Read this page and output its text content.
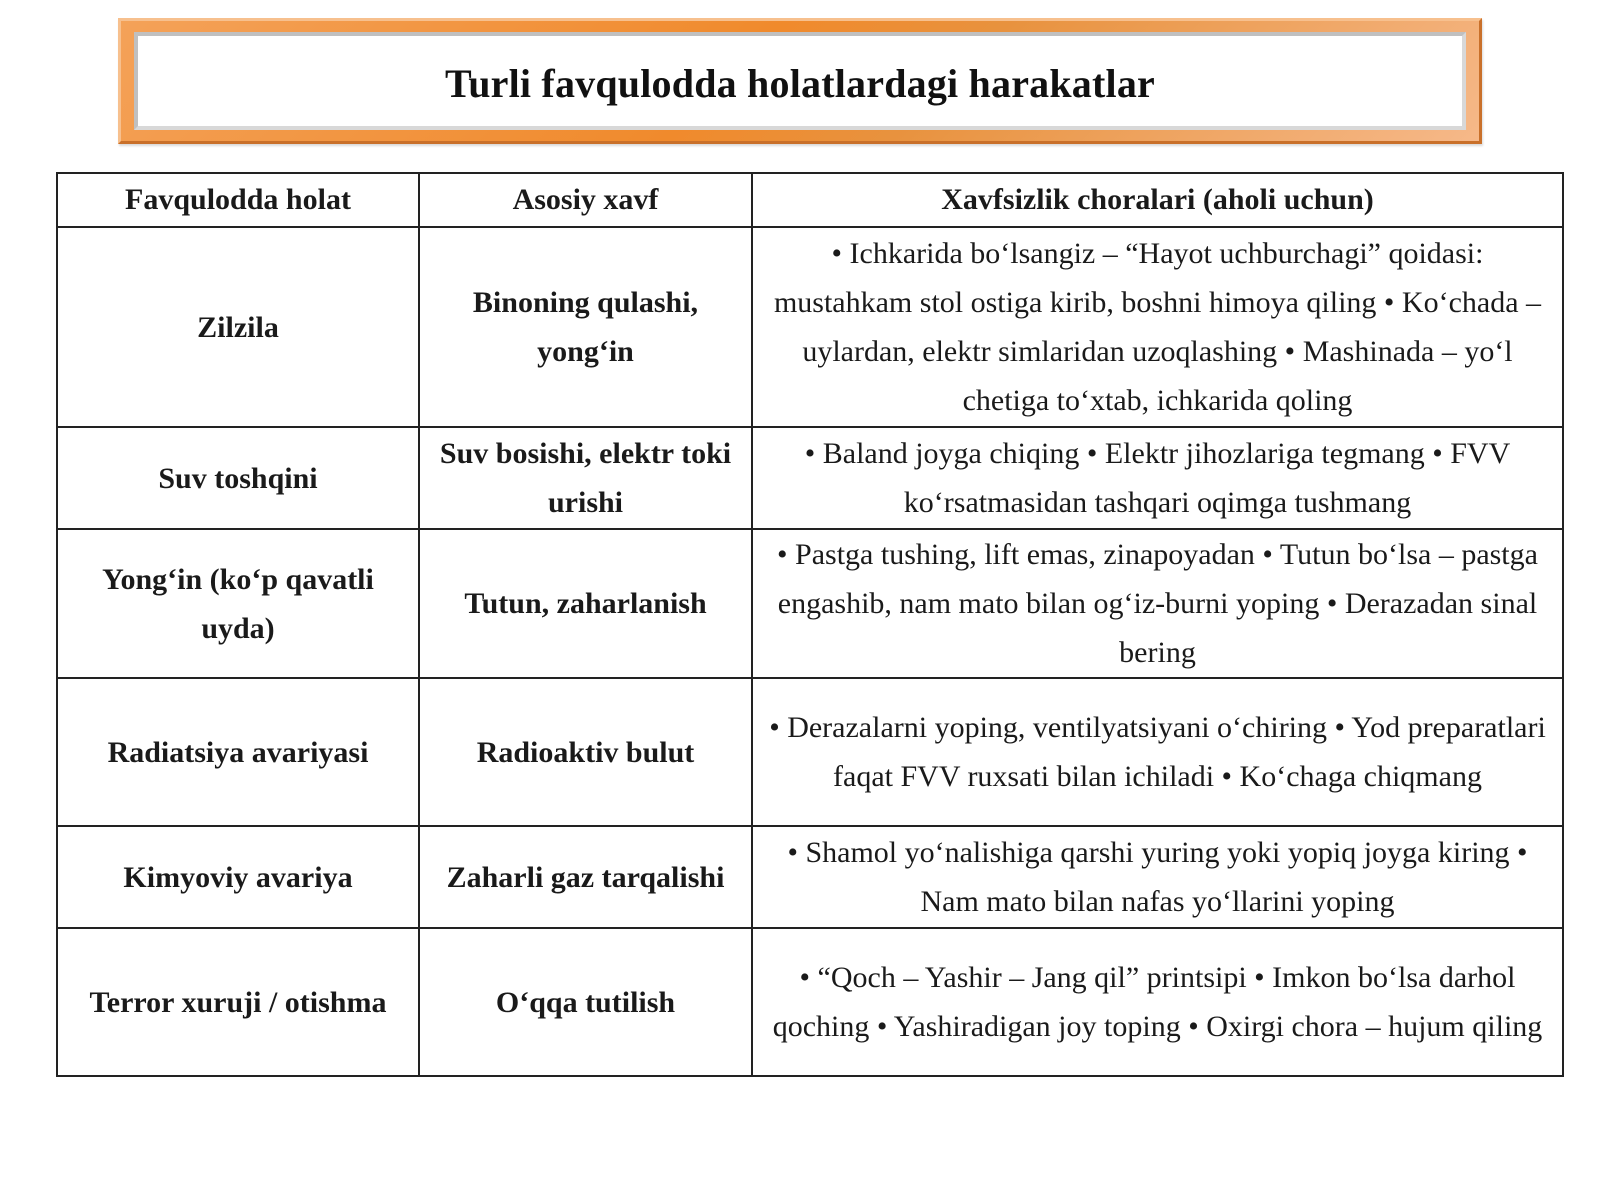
Turli favqulodda holatlardagi harakatlar
Favqulodda holat	Asosiy xavf	Xavfsizlik choralari (aholi uchun)
Zilzila	Binoning qulashi, yong‘in	• Ichkarida bo‘lsangiz – “Hayot uchburchagi” qoidasi: mustahkam stol ostiga kirib, boshni himoya qiling • Ko‘chada – uylardan, elektr simlaridan uzoqlashing • Mashinada – yo‘l chetiga to‘xtab, ichkarida qoling
Suv toshqini	Suv bosishi, elektr toki urishi	• Baland joyga chiqing • Elektr jihozlariga tegmang • FVV ko‘rsatmasidan tashqari oqimga tushmang
Yong‘in (ko‘p qavatli uyda)	Tutun, zaharlanish	• Pastga tushing, lift emas, zinapoyadan • Tutun bo‘lsa – pastga engashib, nam mato bilan og‘iz-burni yoping • Derazadan sinal bering
Radiatsiya avariyasi	Radioaktiv bulut	• Derazalarni yoping, ventilyatsiyani o‘chiring • Yod preparatlari faqat FVV ruxsati bilan ichiladi • Ko‘chaga chiqmang
Kimyoviy avariya	Zaharli gaz tarqalishi	• Shamol yo‘nalishiga qarshi yuring yoki yopiq joyga kiring • Nam mato bilan nafas yo‘llarini yoping
Terror xuruji / otishma	O‘qqa tutilish	• “Qoch – Yashir – Jang qil” printsipi • Imkon bo‘lsa darhol qoching • Yashiradigan joy toping • Oxirgi chora – hujum qiling
